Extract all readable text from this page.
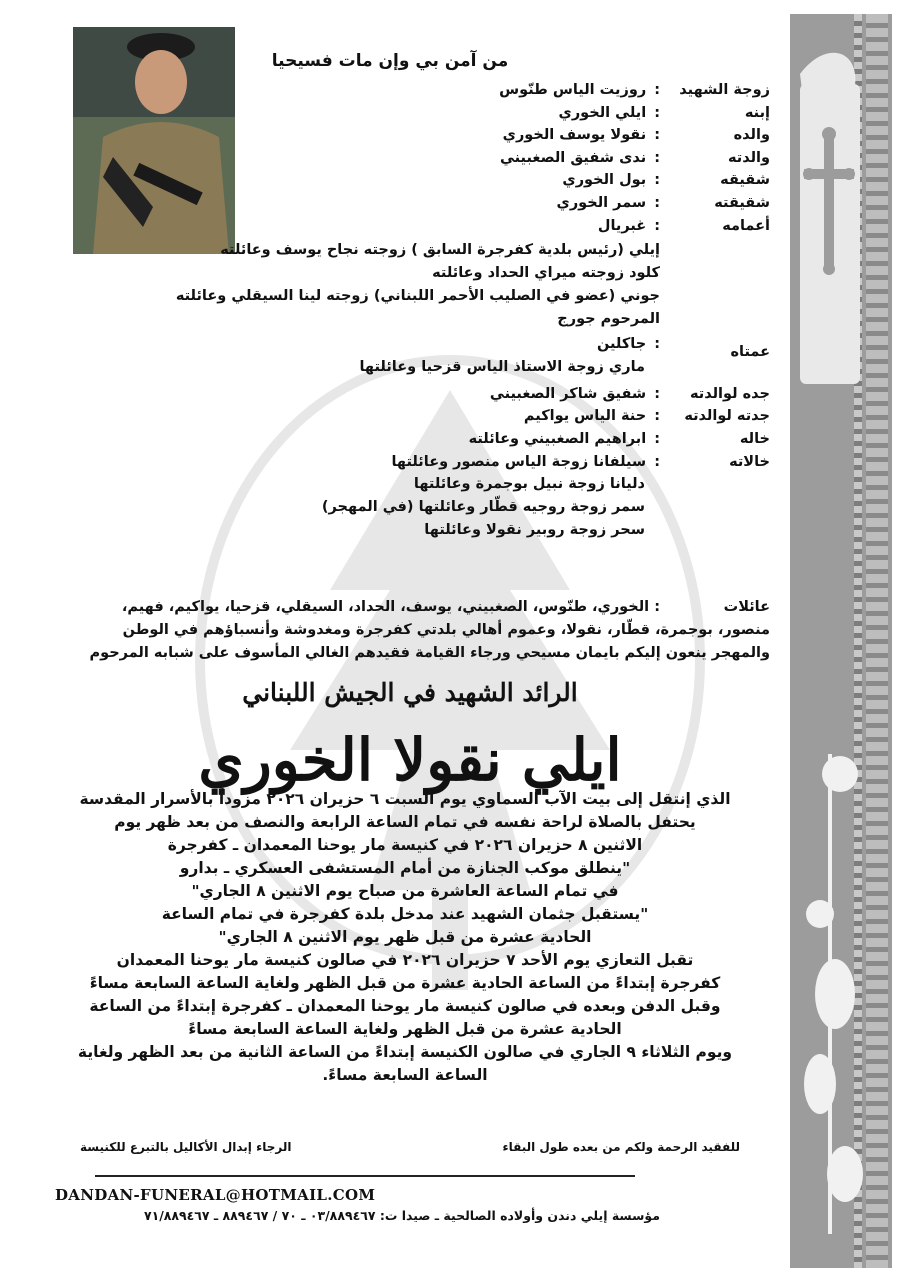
من آمن بي وإن مات فسيحيا
زوجة الشهيد
: روزيت الياس طنّوس
إبنه
: ايلي الخوري
والده
: نقولا يوسف الخوري
والدته
: ندى شفيق الصغبيني
شقيقه
: بول الخوري
شقيقته
: سمر الخوري
أعمامه
: غبريال
إيلي (رئيس بلدية كفرجرة السابق ) زوجته نجاح يوسف وعائلته
كلود زوجته ميراي الحداد وعائلته
جوني (عضو في الصليب الأحمر اللبناني) زوجته لينا السيقلي وعائلته
المرحوم جورج
عمتاه
: جاكلين
ماري زوجة الاستاذ الياس قزحيا وعائلتها
جده لوالدته
: شفيق شاكر الصغبيني
جدته لوالدته
: حنة الياس يواكيم
خاله
: ابراهيم الصغبيني وعائلته
خالاته
: سيلفانا زوجة الياس منصور وعائلتها
دليانا زوجة نبيل بوجمرة وعائلتها
سمر زوجة روجيه قطّار وعائلتها (في المهجر)
سحر زوجة روبير نقولا وعائلتها
عائلات
: الخوري، طنّوس، الصغبيني، يوسف، الحداد، السيقلي، قزحيا، يواكيم، فهيم،
منصور، بوجمرة، قطّار، نقولا، وعموم أهالي بلدتي كفرجرة ومغدوشة وأنسباؤهم في الوطن
والمهجر ينعون إليكم بايمان مسيحي ورجاء القيامة فقيدهم الغالي المأسوف على شبابه المرحوم
الرائد الشهيد في الجيش اللبناني
ايلي نقولا الخوري
الذي إنتقل إلى بيت الآب السماوي يوم السبت ٦ حزيران ٢٠٢٦ مزوداً بالأسرار المقدسة
يحتفل بالصلاة لراحة نفسه في تمام الساعة الرابعة والنصف من بعد ظهر يوم
الاثنين ٨ حزيران ٢٠٢٦ في كنيسة مار يوحنا المعمدان ـ كفرجرة
"ينطلق موكب الجنازة من أمام المستشفى العسكري ـ بدارو
في تمام الساعة العاشرة من صباح يوم الاثنين ٨ الجاري"
"يستقبل جثمان الشهيد عند مدخل بلدة كفرجرة في تمام الساعة
الحادية عشرة من قبل ظهر يوم الاثنين ٨ الجاري"
تقبل التعازي يوم الأحد ٧ حزيران ٢٠٢٦ في صالون كنيسة مار يوحنا المعمدان
كفرجرة إبتداءً من الساعة الحادية عشرة من قبل الظهر ولغاية الساعة السابعة مساءً
وقبل الدفن وبعده في صالون كنيسة مار يوحنا المعمدان ـ كفرجرة إبتداءً من الساعة
الحادية عشرة من قبل الظهر ولغاية الساعة السابعة مساءً
ويوم الثلاثاء ٩ الجاري في صالون الكنيسة إبتداءً من الساعة الثانية من بعد الظهر ولغاية
الساعة السابعة مساءً.
للفقيد الرحمة ولكم من بعده طول البقاء
الرجاء إبدال الأكاليل بالتبرع للكنيسة
DANDAN-FUNERAL@HOTMAIL.COM
مؤسسة إيلي دندن وأولاده الصالحية ـ صيدا ت: ٠٣/٨٨٩٤٦٧ ـ ٧٠ / ٨٨٩٤٦٧ ـ ٧١/٨٨٩٤٦٧
